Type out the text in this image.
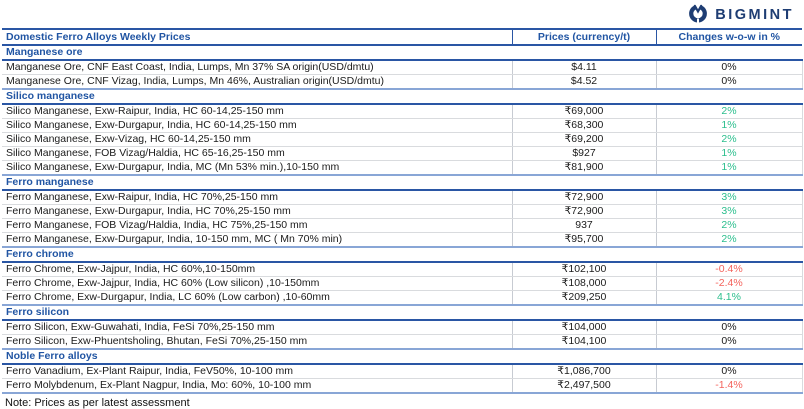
BIGMINT
Domestic Ferro Alloys Weekly Prices	Prices (currency/t)	Changes w-o-w in %
Manganese ore		
Manganese Ore, CNF East Coast, India, Lumps, Mn 37% SA origin(USD/dmtu)	$4.11	0%
Manganese Ore, CNF Vizag, India, Lumps, Mn 46%, Australian origin(USD/dmtu)	$4.52	0%
Silico manganese		
Silico Manganese, Exw-Raipur, India, HC 60-14,25-150 mm	₹69,000	2%
Silico Manganese, Exw-Durgapur, India, HC 60-14,25-150 mm	₹68,300	1%
Silico Manganese, Exw-Vizag, HC 60-14,25-150 mm	₹69,200	2%
Silico Manganese, FOB Vizag/Haldia, HC 65-16,25-150 mm	$927	1%
Silico Manganese, Exw-Durgapur, India, MC (Mn 53% min.),10-150 mm	₹81,900	1%
Ferro manganese		
Ferro Manganese, Exw-Raipur, India, HC 70%,25-150 mm	₹72,900	3%
Ferro Manganese, Exw-Durgapur, India, HC 70%,25-150 mm	₹72,900	3%
Ferro Manganese, FOB Vizag/Haldia, India, HC 75%,25-150 mm	937	2%
Ferro Manganese, Exw-Durgapur, India, 10-150 mm, MC ( Mn 70% min)	₹95,700	2%
Ferro chrome		
Ferro Chrome, Exw-Jajpur, India, HC 60%,10-150mm	₹102,100	-0.4%
Ferro Chrome, Exw-Jajpur, India, HC 60% (Low silicon) ,10-150mm	₹108,000	-2.4%
Ferro Chrome, Exw-Durgapur, India, LC 60% (Low carbon) ,10-60mm	₹209,250	4.1%
Ferro silicon		
Ferro Silicon, Exw-Guwahati, India, FeSi 70%,25-150 mm	₹104,000	0%
Ferro Silicon, Exw-Phuentsholing, Bhutan, FeSi 70%,25-150 mm	₹104,100	0%
Noble Ferro alloys		
Ferro Vanadium, Ex-Plant Raipur, India, FeV50%, 10-100 mm	₹1,086,700	0%
Ferro Molybdenum, Ex-Plant Nagpur, India, Mo: 60%, 10-100 mm	₹2,497,500	-1.4%
Note: Prices as per latest assessment
